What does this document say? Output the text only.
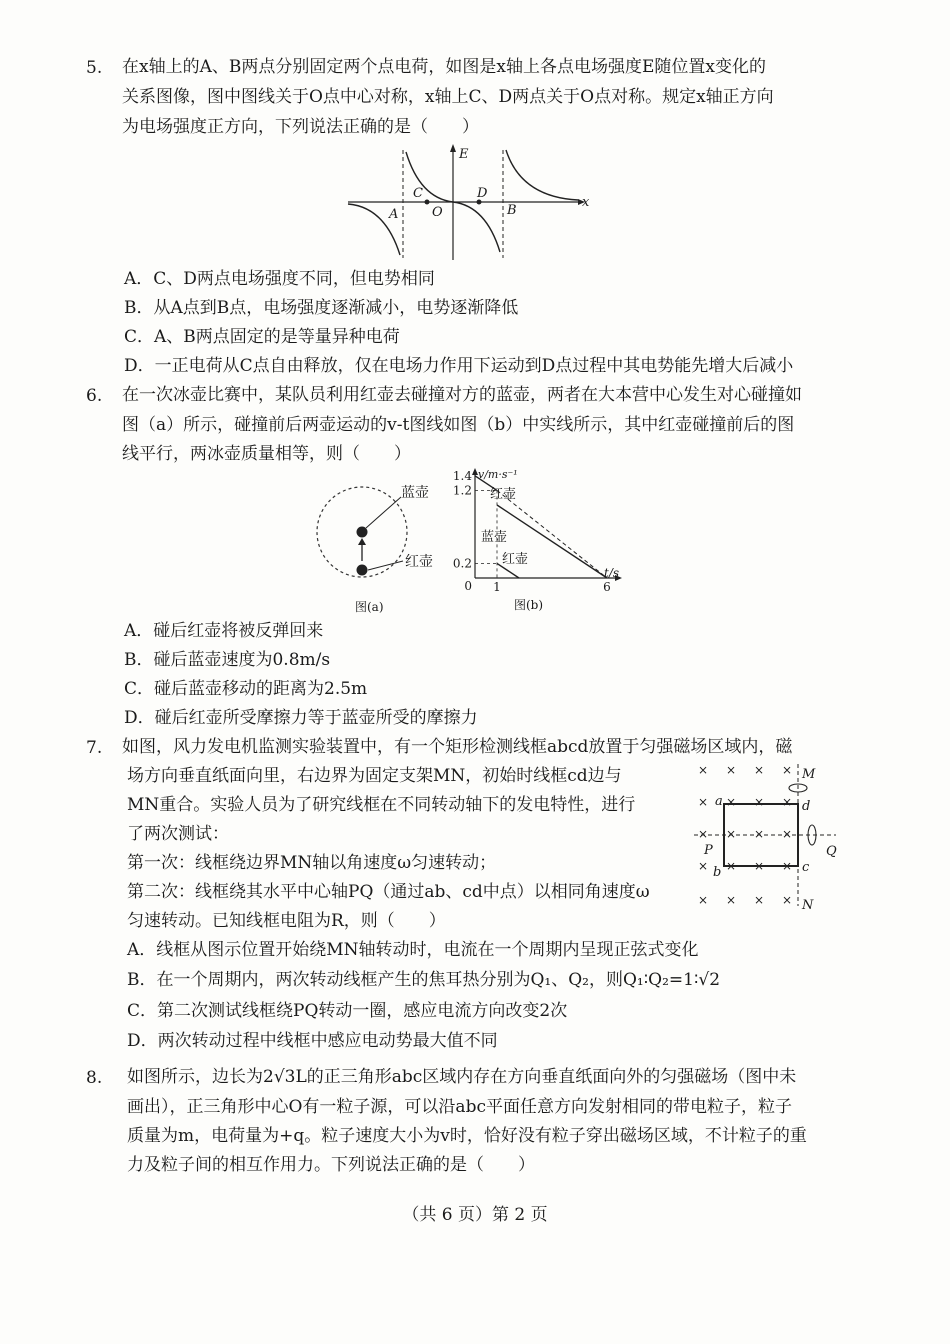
5. 在x轴上的A、B两点分别固定两个点电荷，如图是x轴上各点电场强度E随位置x变化的
关系图像，图中图线关于O点中心对称，x轴上C、D两点关于O点对称。规定x轴正方向
为电场强度正方向，下列说法正确的是（　　）
E
x
A	B
C	D
O
A．C、D两点电场强度不同，但电势相同
B．从A点到B点，电场强度逐渐减小，电势逐渐降低
C．A、B两点固定的是等量异种电荷
D．一正电荷从C点自由释放，仅在电场力作用下运动到D点过程中其电势能先增大后减小
6. 在一次冰壶比赛中，某队员利用红壶去碰撞对方的蓝壶，两者在大本营中心发生对心碰撞如
图（a）所示，碰撞前后两壶运动的v-t图线如图（b）中实线所示，其中红壶碰撞前后的图
线平行，两冰壶质量相等，则（　　）
蓝壶
红壶
图(a)
v/m·s⁻¹
t/s
1.4
1.2
0.2
0 1	6
红壶
蓝壶
红壶
图(b)
A．碰后红壶将被反弹回来
B．碰后蓝壶速度为0.8m/s
C．碰后蓝壶移动的距离为2.5m
D．碰后红壶所受摩擦力等于蓝壶所受的摩擦力
7. 如图，风力发电机监测实验装置中，有一个矩形检测线框abcd放置于匀强磁场区域内，磁
场方向垂直纸面向里，右边界为固定支架MN，初始时线框cd边与
MN重合。实验人员为了研究线框在不同转动轴下的发电特性，进行
了两次测试：
第一次：线框绕边界MN轴以角速度ω匀速转动；
第二次：线框绕其水平中心轴PQ（通过ab、cd中点）以相同角速度ω
匀速转动。已知线框电阻为R，则（　　）
× × × ×
× × × ×
× × × ×
× × × ×
× × × ×
M
N
P	Q
a
b	c
d
A．线框从图示位置开始绕MN轴转动时，电流在一个周期内呈现正弦式变化
B．在一个周期内，两次转动线框产生的焦耳热分别为Q₁、Q₂，则Q₁∶Q₂=1∶√2
C．第二次测试线框绕PQ转动一圈，感应电流方向改变2次
D．两次转动过程中线框中感应电动势最大值不同
8. 如图所示，边长为2√3L的正三角形abc区域内存在方向垂直纸面向外的匀强磁场（图中未
画出），正三角形中心O有一粒子源，可以沿abc平面任意方向发射相同的带电粒子，粒子
质量为m，电荷量为+q。粒子速度大小为v时，恰好没有粒子穿出磁场区域，不计粒子的重
力及粒子间的相互作用力。下列说法正确的是（　　）
（共 6 页）第 2 页
